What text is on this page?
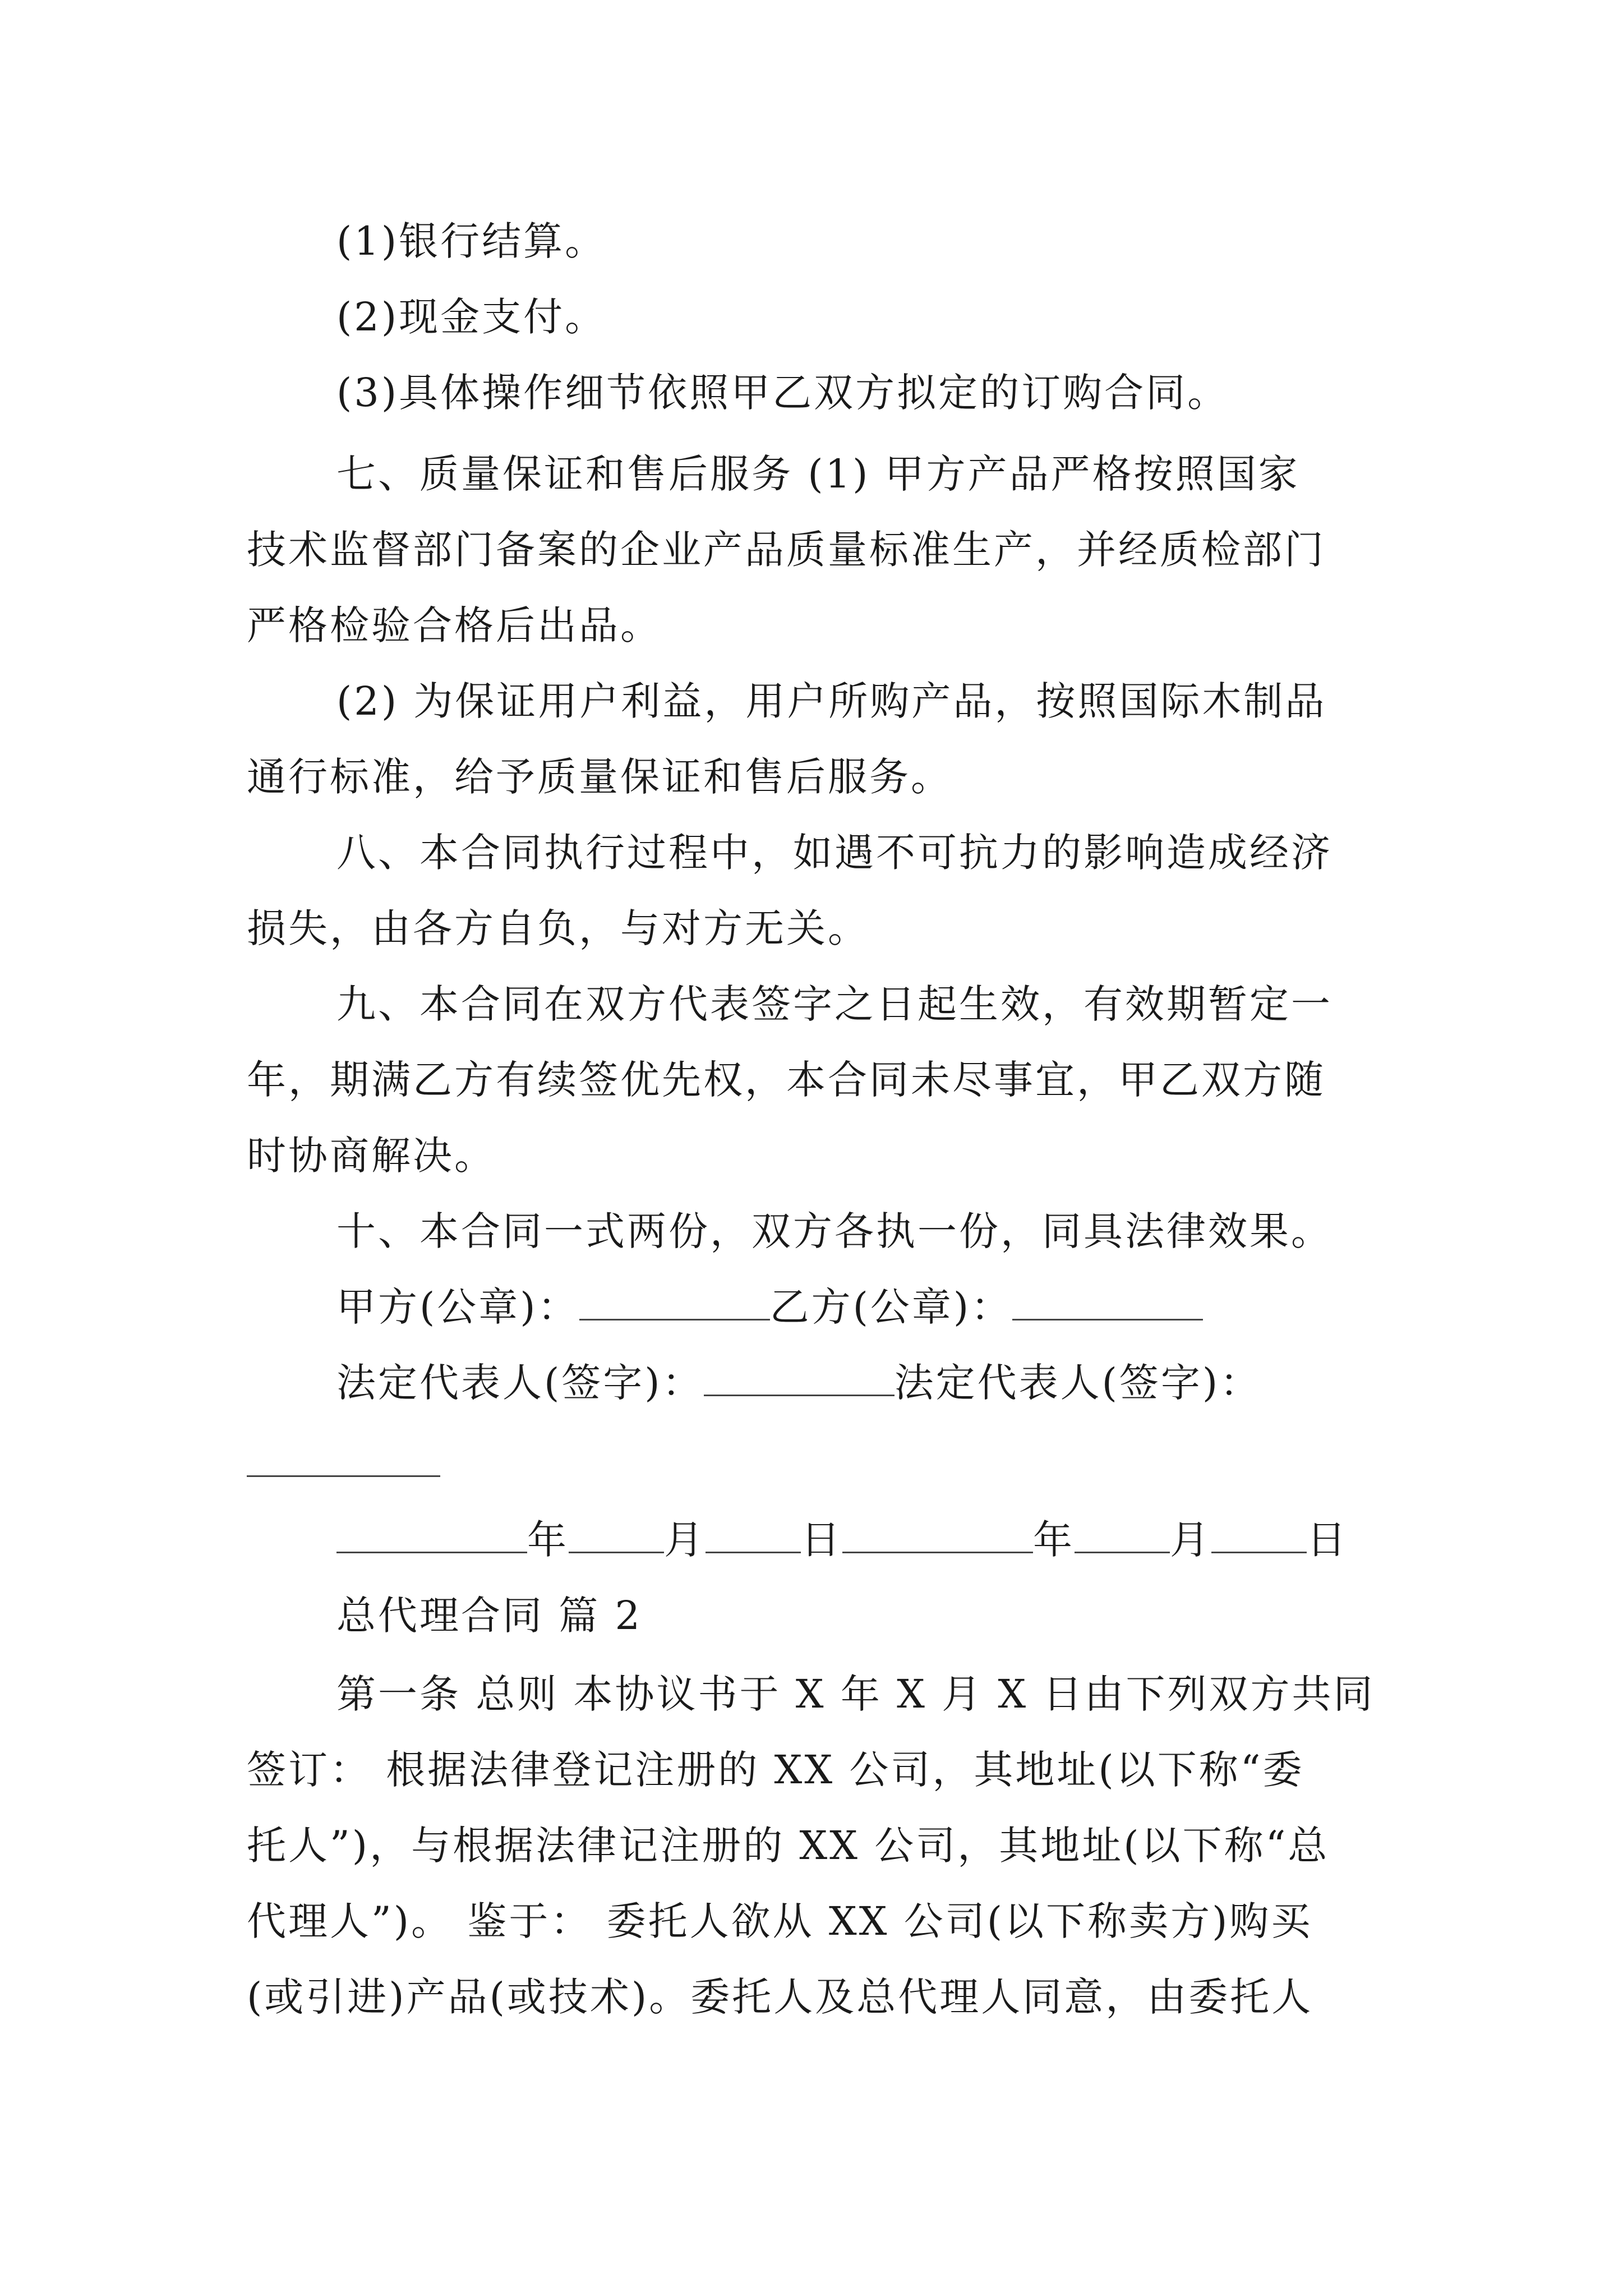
(1)银行结算。
(2)现金支付。
(3)具体操作细节依照甲乙双方拟定的订购合同。
七、质量保证和售后服务 (1) 甲方产品严格按照国家
技术监督部门备案的企业产品质量标准生产，并经质检部门
严格检验合格后出品。
(2) 为保证用户利益，用户所购产品，按照国际木制品
通行标准，给予质量保证和售后服务。
八、本合同执行过程中，如遇不可抗力的影响造成经济
损失，由各方自负，与对方无关。
九、本合同在双方代表签字之日起生效，有效期暂定一
年，期满乙方有续签优先权，本合同未尽事宜，甲乙双方随
时协商解决。
十、本合同一式两份，双方各执一份，同具法律效果。
甲方(公章)：	乙方(公章)：
法定代表人(签字)：	法定代表人(签字)：
年 月 日	年 月 日
总代理合同 篇 2
第一条 总则 本协议书于 X 年 X 月 X 日由下列双方共同
签订： 根据法律登记注册的 XX 公司，其地址(以下称“委
托人”)，与根据法律记注册的 XX 公司，其地址(以下称“总
代理人”)。 鉴于： 委托人欲从 XX 公司(以下称卖方)购买
(或引进)产品(或技术)。委托人及总代理人同意，由委托人
